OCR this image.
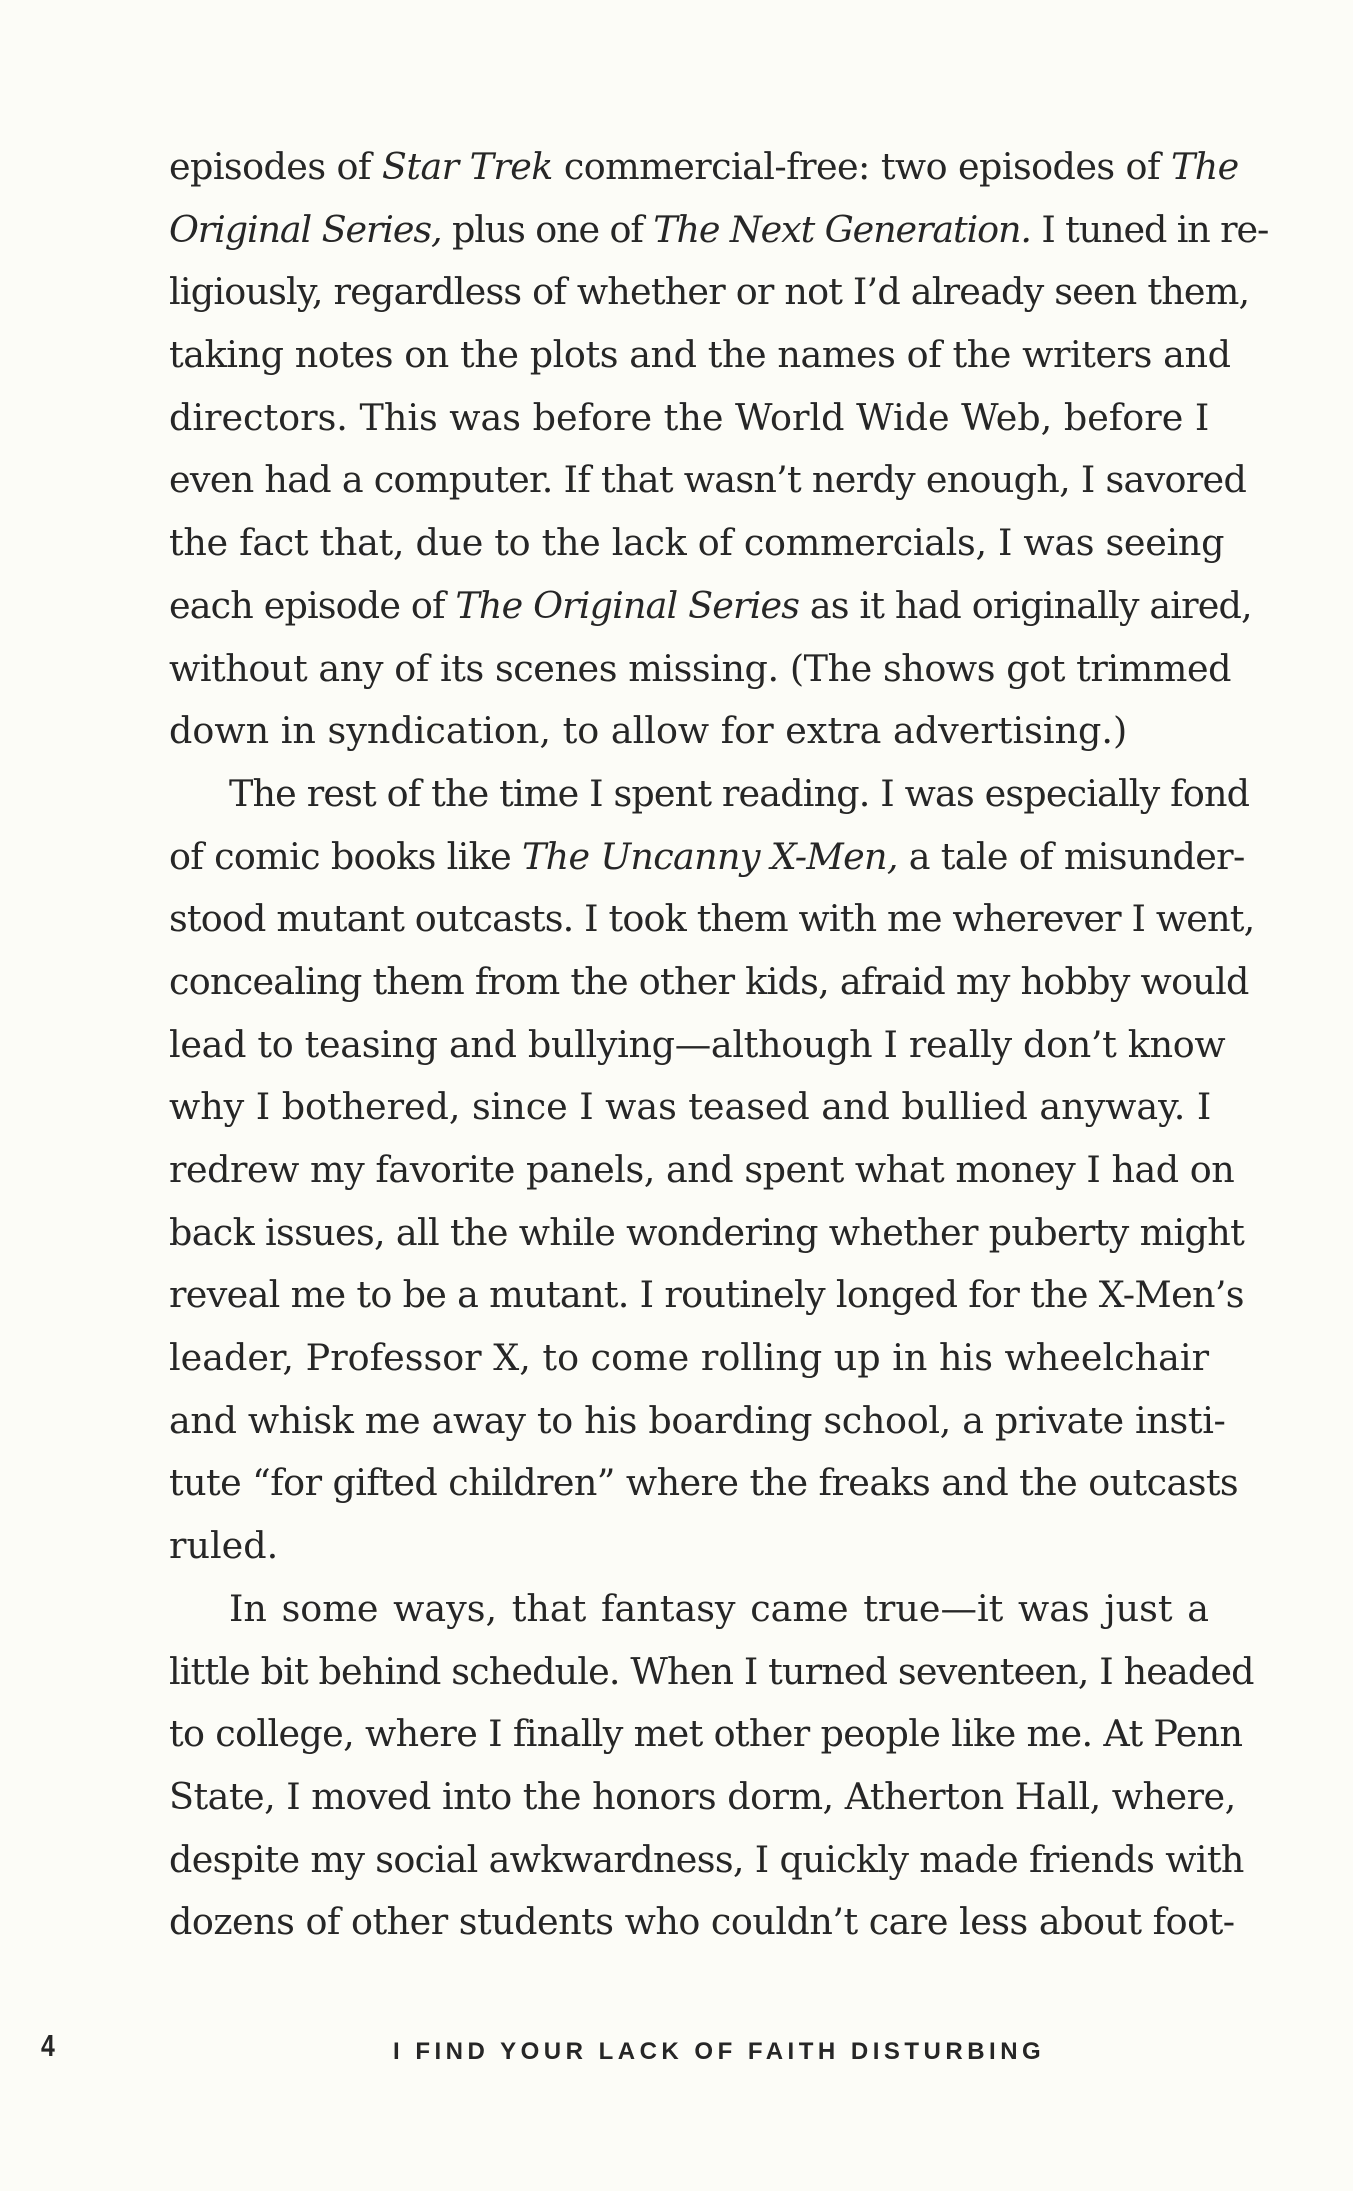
episodes of Star Trek commercial-free: two episodes of The
Original Series, plus one of The Next Generation. I tuned in re-
ligiously, regardless of whether or not I’d already seen them,
taking notes on the plots and the names of the writers and
directors. This was before the World Wide Web, before I
even had a computer. If that wasn’t nerdy enough, I savored
the fact that, due to the lack of commercials, I was seeing
each episode of The Original Series as it had originally aired,
without any of its scenes missing. (The shows got trimmed
down in syndication, to allow for extra advertising.)
The rest of the time I spent reading. I was especially fond
of comic books like The Uncanny X-Men, a tale of misunder-
stood mutant outcasts. I took them with me wherever I went,
concealing them from the other kids, afraid my hobby would
lead to teasing and bullying—although I really don’t know
why I bothered, since I was teased and bullied anyway. I
redrew my favorite panels, and spent what money I had on
back issues, all the while wondering whether puberty might
reveal me to be a mutant. I routinely longed for the X-Men’s
leader, Professor X, to come rolling up in his wheelchair
and whisk me away to his boarding school, a private insti-
tute “for gifted children” where the freaks and the outcasts
ruled.
In some ways, that fantasy came true—it was just a
little bit behind schedule. When I turned seventeen, I headed
to college, where I finally met other people like me. At Penn
State, I moved into the honors dorm, Atherton Hall, where,
despite my social awkwardness, I quickly made friends with
dozens of other students who couldn’t care less about foot-
4	I FIND YOUR LACK OF FAITH DISTURBING
